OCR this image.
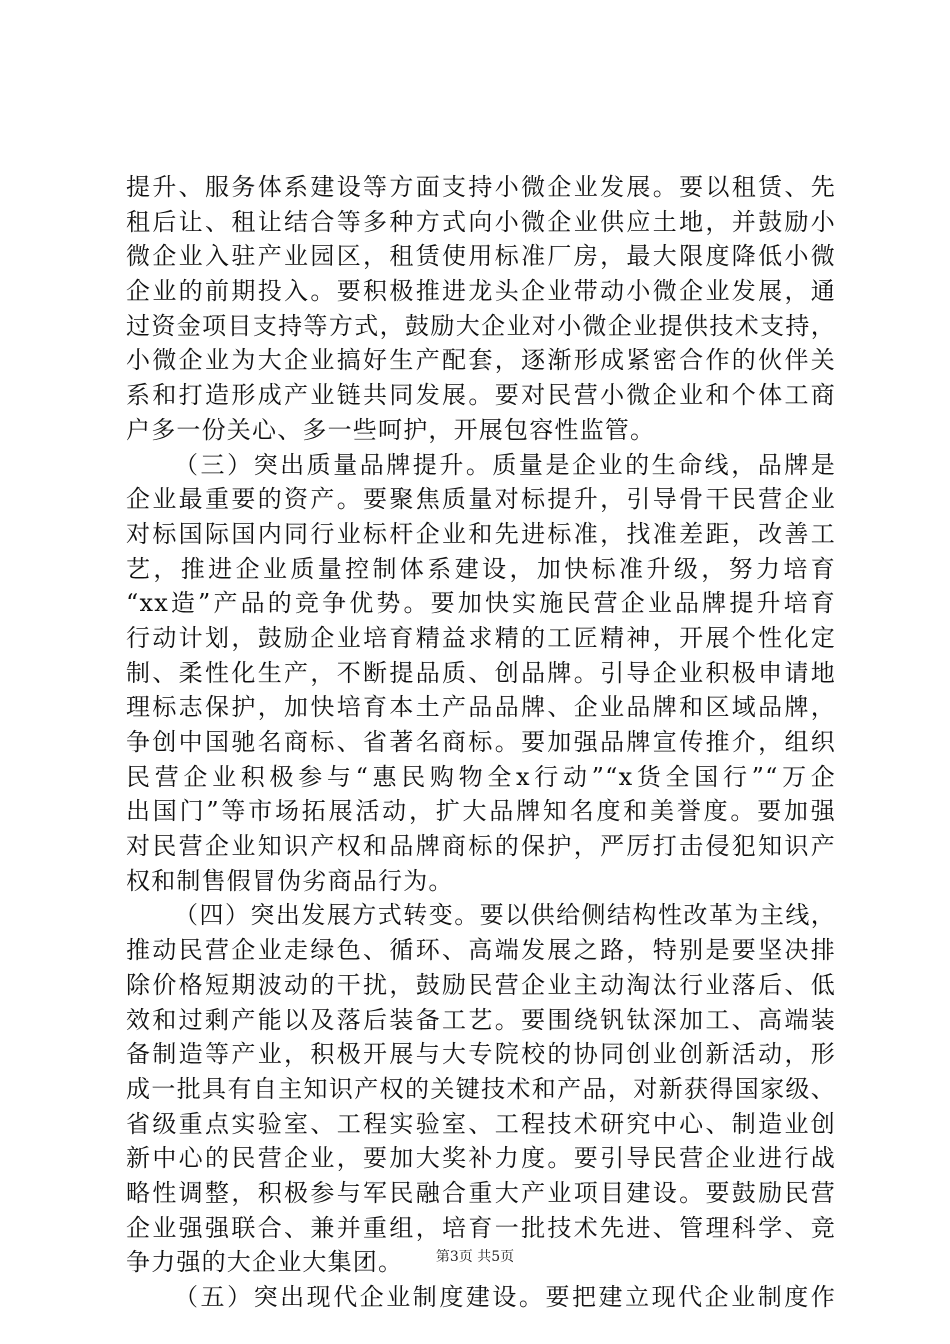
提升、服务体系建设等方面支持小微企业发展。要以租赁、先
租后让、租让结合等多种方式向小微企业供应土地，并鼓励小
微企业入驻产业园区，租赁使用标准厂房，最大限度降低小微
企业的前期投入。要积极推进龙头企业带动小微企业发展，通
过资金项目支持等方式，鼓励大企业对小微企业提供技术支持，
小微企业为大企业搞好生产配套，逐渐形成紧密合作的伙伴关
系和打造形成产业链共同发展。要对民营小微企业和个体工商
户多一份关心、多一些呵护，开展包容性监管。
（三）突出质量品牌提升。质量是企业的生命线，品牌是
企业最重要的资产。要聚焦质量对标提升，引导骨干民营企业
对标国际国内同行业标杆企业和先进标准，找准差距，改善工
艺，推进企业质量控制体系建设，加快标准升级，努力培育
“xx造”产品的竞争优势。要加快实施民营企业品牌提升培育
行动计划，鼓励企业培育精益求精的工匠精神，开展个性化定
制、柔性化生产，不断提品质、创品牌。引导企业积极申请地
理标志保护，加快培育本土产品品牌、企业品牌和区域品牌，
争创中国驰名商标、省著名商标。要加强品牌宣传推介，组织
民营企业积极参与“惠民购物全x行动”“x货全国行”“万企
出国门”等市场拓展活动，扩大品牌知名度和美誉度。要加强
对民营企业知识产权和品牌商标的保护，严厉打击侵犯知识产
权和制售假冒伪劣商品行为。
（四）突出发展方式转变。要以供给侧结构性改革为主线，
推动民营企业走绿色、循环、高端发展之路，特别是要坚决排
除价格短期波动的干扰，鼓励民营企业主动淘汰行业落后、低
效和过剩产能以及落后装备工艺。要围绕钒钛深加工、高端装
备制造等产业，积极开展与大专院校的协同创业创新活动，形
成一批具有自主知识产权的关键技术和产品，对新获得国家级、
省级重点实验室、工程实验室、工程技术研究中心、制造业创
新中心的民营企业，要加大奖补力度。要引导民营企业进行战
略性调整，积极参与军民融合重大产业项目建设。要鼓励民营
企业强强联合、兼并重组，培育一批技术先进、管理科学、竞
争力强的大企业大集团。
（五）突出现代企业制度建设。要把建立现代企业制度作
第3页 共5页
